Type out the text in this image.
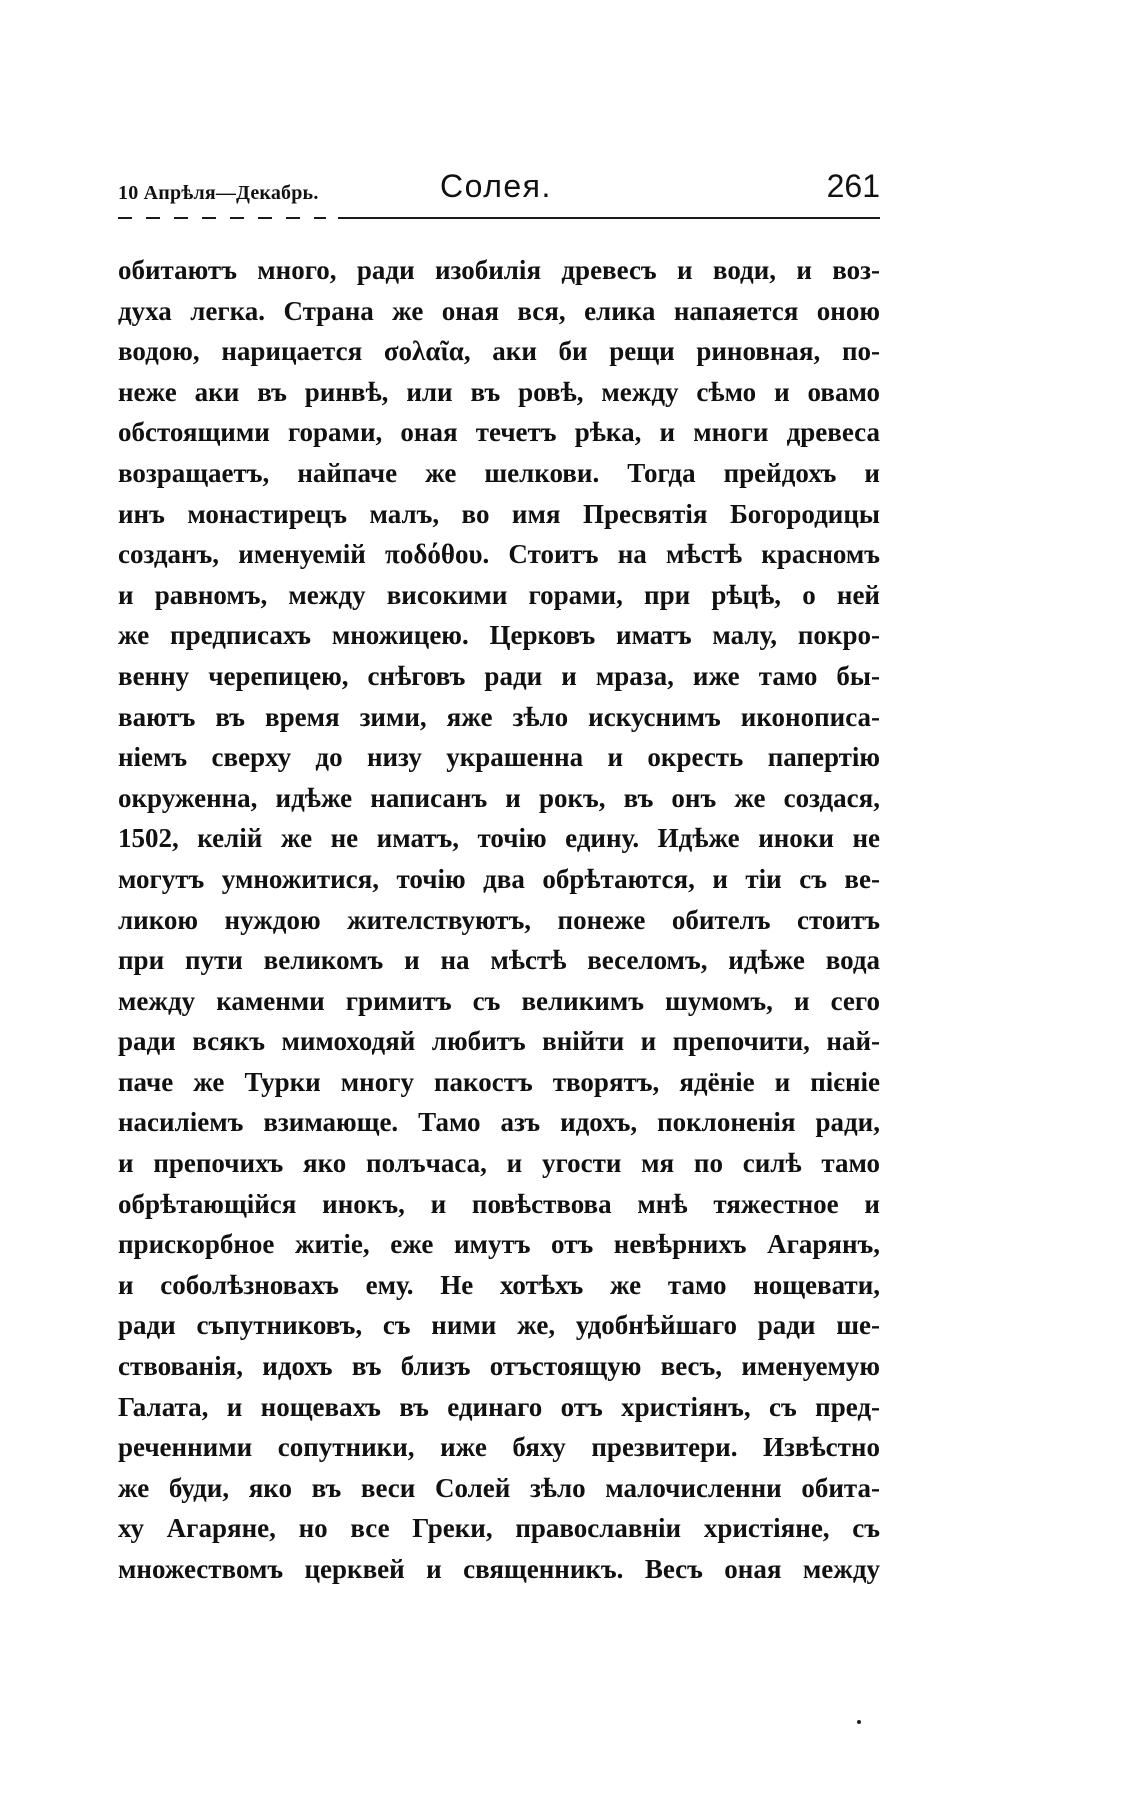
10 Апрѣля—Декабрь.	Солея.	261
обитаютъ много, ради изобилія древесъ и води, и воз-
духа легка. Страна же оная вся, елика напаяется оною
водою, нарицается σολαῖα, аки би рещи риновная, по-
неже аки въ ринвѣ, или въ ровѣ, между сѣмо и овамо
обстоящими горами, оная течетъ рѣка, и многи древеса
возращаетъ, найпаче же шелкови. Тогда прейдохъ и
инъ монастирецъ малъ, во имя Пресвятія Богородицы
созданъ, именуемій ποδόθου. Стоитъ на мѣстѣ красномъ
и равномъ, между високими горами, при рѣцѣ, о ней
же предписахъ множицею. Церковъ иматъ малу, покро-
венну черепицею, снѣговъ ради и мраза, иже тамо бы-
ваютъ въ время зими, яже зѣло искуснимъ иконописа-
ніемъ сверху до низу украшенна и окресть папертію
окруженна, идѣже написанъ и рокъ, въ онъ же создася,
1502, келій же не иматъ, точію едину. Идѣже иноки не
могутъ умножитися, точію два обрѣтаются, и тіи съ ве-
ликою нуждою жителствуютъ, понеже обителъ стоитъ
при пути великомъ и на мѣстѣ веселомъ, идѣже вода
между каменми гримитъ съ великимъ шумомъ, и сего
ради всякъ мимоходяй любитъ внійти и препочити, най-
паче же Турки многу пакостъ творятъ, ядёніе и пієніе
насиліемъ взимающе. Тамо азъ идохъ, поклоненія ради,
и препочихъ яко полъчаса, и угости мя по силѣ тамо
обрѣтающійся инокъ, и повѣствова мнѣ тяжестное и
прискорбное житіе, еже имутъ отъ невѣрнихъ Агарянъ,
и соболѣзновахъ ему. Не хотѣхъ же тамо нощевати,
ради съпутниковъ, съ ними же, удобнѣйшаго ради ше-
ствованія, идохъ въ близъ отъстоящую весъ, именуемую
Галата, и нощевахъ въ единаго отъ христіянъ, съ пред-
реченними сопутники, иже бяху презвитери. Извѣстно
же буди, яко въ веси Солей зѣло малочисленни обита-
ху Агаряне, но все Греки, православніи христіяне, съ
множествомъ церквей и священникъ. Весъ оная между
